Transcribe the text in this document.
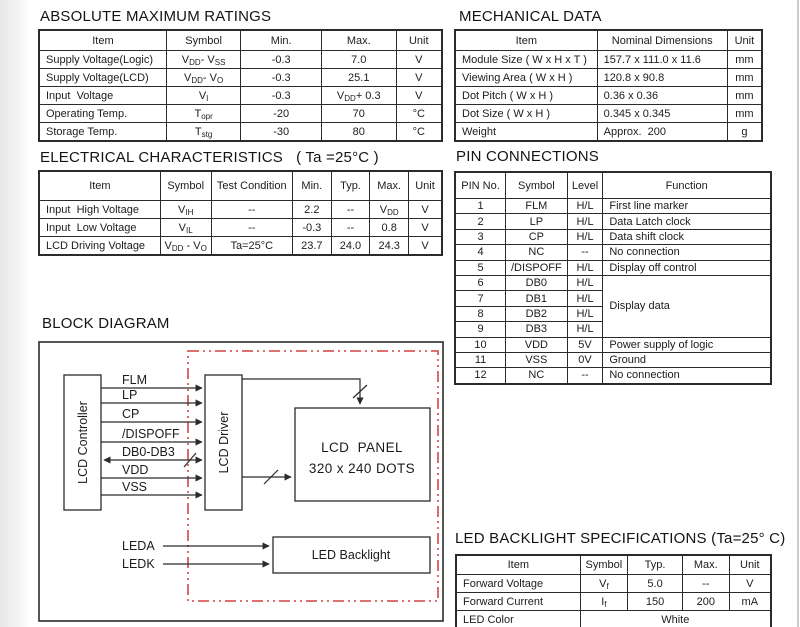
ABSOLUTE MAXIMUM RATINGS
Item	Symbol	Min.	Max.	Unit
Supply Voltage(Logic)	$V_{DD}-$ $V_{SS}$	-0.3	7.0	V
Supply Voltage(LCD)	$V_{DD}-$ $V_O$	-0.3	25.1	V
Input  Voltage	$V_I$	-0.3	$V_{DD}+ 0.3$	V
Operating Temp.	$T_{opr}$	-20	70	°C
Storage Temp.	$T_{stg}$	-30	80	°C
MECHANICAL DATA
Item	Nominal Dimensions	Unit
Module Size ( W x H x T )	157.7 x 111.0 x 11.6	mm
Viewing Area ( W x H )	120.8 x 90.8	mm
Dot Pitch ( W x H )	0.36 x 0.36	mm
Dot Size ( W x H )	0.345 x 0.345	mm
Weight	Approx.  200	g
ELECTRICAL CHARACTERISTICS   ( Ta =25°C )
Item	Symbol	Test Condition	Min.	Typ.	Max.	Unit
Input  High Voltage	$V_{IH}$	--	2.2	--	$V_{DD}$	V
Input  Low Voltage	$V_{IL}$	--	-0.3	--	0.8	V
LCD Driving Voltage	$V_{DD} - V_O$	Ta=25°C	23.7	24.0	24.3	V
PIN CONNECTIONS
PIN No.	Symbol	Level	Function
1	FLM	H/L	First line marker
2	LP	H/L	Data Latch clock
3	CP	H/L	Data shift clock
4	NC	--	No connection
5	/DISPOFF	H/L	Display off control
6	DB0	H/L	Display data
7	DB1	H/L	
8	DB2	H/L	
9	DB3	H/L	
10	VDD	5V	Power supply of logic
11	VSS	0V	Ground
12	NC	--	No connection
BLOCK DIAGRAM
LCD Controller	LCD Driver
FLM
LP
CP
/DISPOFF
DB0-DB3
VDD
VSS
LCD  PANEL
320 x 240 DOTS
LED Backlight
LEDA
LEDK
LED BACKLIGHT SPECIFICATIONS (Ta=25° C)
Item	Symbol	Typ.	Max.	Unit
Forward Voltage	$V_f$	5.0	--	V
Forward Current	$I_f$	150	200	mA
LED Color	White			
